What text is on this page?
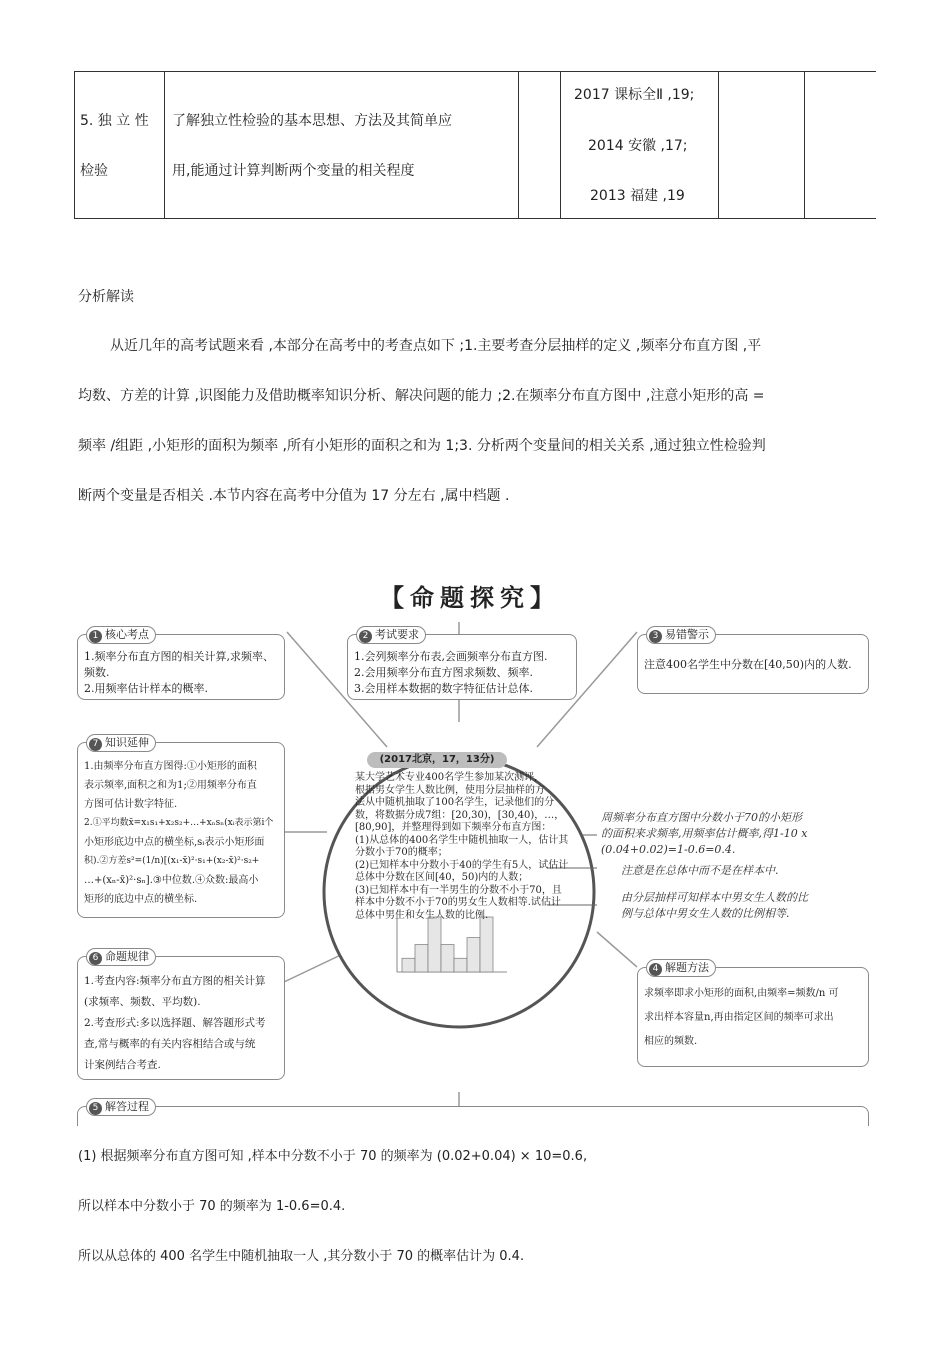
5. 独 立 性
检验
了解独立性检验的基本思想、方法及其简单应
用,能通过计算判断两个变量的相关程度
2017 课标全Ⅱ ,19;
2014 安徽 ,17;
2013 福建 ,19
分析解读
从近几年的高考试题来看 ,本部分在高考中的考查点如下 ;1.主要考查分层抽样的定义 ,频率分布直方图 ,平
均数、方差的计算 ,识图能力及借助概率知识分析、解决问题的能力 ;2.在频率分布直方图中 ,注意小矩形的高 =
频率 /组距 ,小矩形的面积为频率 ,所有小矩形的面积之和为 1;3. 分析两个变量间的相关关系 ,通过独立性检验判
断两个变量是否相关 .本节内容在高考中分值为 17 分左右 ,属中档题 .
【命题探究】
(2017北京，17，13分)
某大学艺术专业400名学生参加某次测评,
根据男女学生人数比例，使用分层抽样的方
法从中随机抽取了100名学生，记录他们的分
数，将数据分成7组：[20,30)，[30,40)，…，
[80,90]，并整理得到如下频率分布直方图：
(1)从总体的400名学生中随机抽取一人，估计其
分数小于70的概率；
(2)已知样本中分数小于40的学生有5人，试估计
总体中分数在区间[40，50)内的人数；
(3)已知样本中有一半男生的分数不小于70，且
样本中分数不小于70的男女生人数相等.试估计
总体中男生和女生人数的比例.
周频率分布直方图中分数小于70的小矩形
的面积来求频率,用频率估计概率,得1-10 x
(0.04+0.02)=1-0.6=0.4.
注意是在总体中而不是在样本中.
由分层抽样可知样本中男女生人数的比
例与总体中男女生人数的比例相等.
1 核心考点
1.频率分布直方图的相关计算,求频率、
频数.
2.用频率估计样本的概率.
2 考试要求
1.会列频率分布表,会画频率分布直方图.
2.会用频率分布直方图求频数、频率.
3.会用样本数据的数字特征估计总体.
3 易错警示
注意400名学生中分数在[40,50)内的人数.
7 知识延伸
1.由频率分布直方图得:①小矩形的面积
表示频率,面积之和为1;②用频率分布直
方图可估计数字特征.
2.①平均数x̄=x₁s₁+x₂s₂+…+xₙsₙ(xᵢ表示第i个
小矩形底边中点的横坐标,sᵢ表示小矩形面
积).②方差s²=(1/n)[(x₁-x̄)²·s₁+(x₂-x̄)²·s₂+
…+(xₙ-x̄)²·sₙ].③中位数.④众数:最高小
矩形的底边中点的横坐标.
6 命题规律
1.考查内容:频率分布直方图的相关计算
(求频率、频数、平均数).
2.考查形式:多以选择题、解答题形式考
查,常与概率的有关内容相结合或与统
计案例结合考查.
4 解题方法
求频率即求小矩形的面积,由频率=频数/n 可
求出样本容量n,再由指定区间的频率可求出
相应的频数.
5 解答过程
(1) 根据频率分布直方图可知 ,样本中分数不小于 70 的频率为 (0.02+0.04) × 10=0.6,
所以样本中分数小于 70 的频率为 1-0.6=0.4.
所以从总体的 400 名学生中随机抽取一人 ,其分数小于 70 的概率估计为 0.4.
